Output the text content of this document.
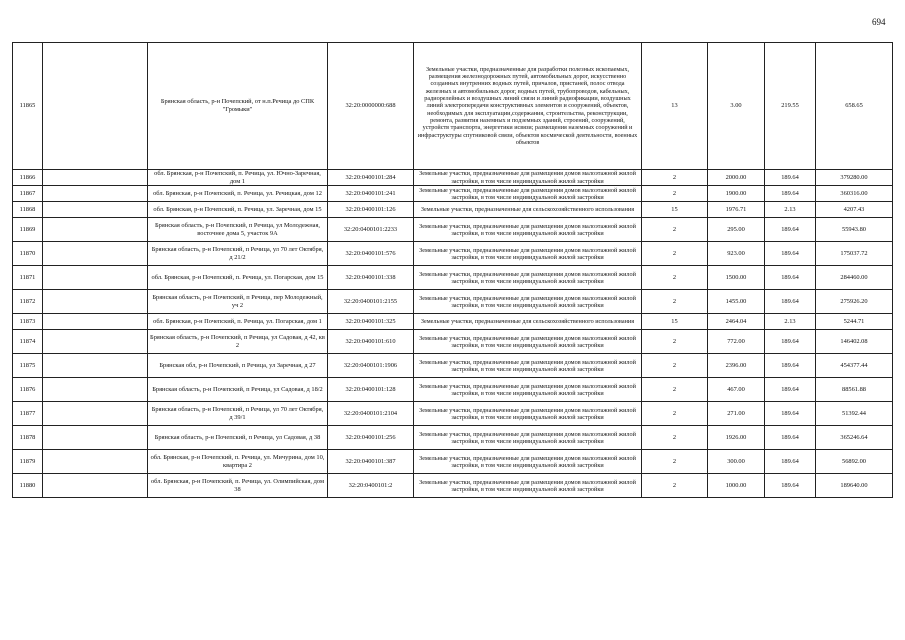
694
11865		Брянская область, р-н Почепский, от н.п.Речица до СПК "Громыки"	32:20:0000000:688	Земельные участки, предназначенные для разработки полезных ископаемых, размещения железнодорожных путей, автомобильных дорог, искусственно созданных внутренних водных путей, причалов, пристаней, полос отвода железных и автомобильных дорог, водных путей, трубопроводов, кабельных, радиорелейных и воздушных линий связи и линий радиофикации, воздушных линий электропередачи конструктивных элементов и сооружений, объектов, необходимых для эксплуатации,содержания, строительства, реконструкции, ремонта, развития наземных и подземных зданий, строений, сооружений, устройств транспорта, энергетики исвязи; размещения наземных сооружений и инфраструктуры спутниковой связи, объектов космической деятельности, военных объектов	13	3.00	219.55	658.65
11866		обл. Брянская, р-н Почепский, п. Речица, ул. Ючно-Заречная, дом 1	32:20:0400101:284	Земельные участки, предназначенные для размещения домов малоэтажной жилой застройки, в том числе индивидуальной жилой застройки	2	2000.00	189.64	379280.00
11867		обл. Брянская, р-н Почепский, п. Речица, ул. Речицкая, дом 12	32:20:0400101:241	Земельные участки, предназначенные для размещения домов малоэтажной жилой застройки, в том числе индивидуальной жилой застройки	2	1900.00	189.64	360316.00
11868		обл. Брянская, р-н Почепский, п. Речица, ул. Заречная, дом 15	32:20:0400101:126	Земельные участки, предназначенные для сельскохозяйственного использования	15	1976.71	2.13	4207.43
11869		Брянская область, р-н Почепский, п Речица, ул Молодежная, восточнее дома 5, участок 9А	32:20:0400101:2233	Земельные участки, предназначенные для размещения домов малоэтажной жилой застройки, в том числе индивидуальной жилой застройки	2	295.00	189.64	55943.80
11870		Брянская область, р-н Почепский, п Речица, ул 70 лет Октября, д 21/2	32:20:0400101:576	Земельные участки, предназначенные для размещения домов малоэтажной жилой застройки, в том числе индивидуальной жилой застройки	2	923.00	189.64	175037.72
11871		обл. Брянская, р-н Почепский, п. Речица, ул. Погарская, дом 15	32:20:0400101:338	Земельные участки, предназначенные для размещения домов малоэтажной жилой застройки, в том числе индивидуальной жилой застройки	2	1500.00	189.64	284460.00
11872		Брянская область, р-н Почепский, п Речица, пер Молодежный, уч 2	32:20:0400101:2155	Земельные участки, предназначенные для размещения домов малоэтажной жилой застройки, в том числе индивидуальной жилой застройки	2	1455.00	189.64	275926.20
11873		обл. Брянская, р-н Почепский, п. Речица, ул. Погарская, дом 1	32:20:0400101:325	Земельные участки, предназначенные для сельскохозяйственного использования	15	2464.04	2.13	5244.71
11874		Брянская область, р-н Почепский, п Речица, ул Садовая, д 42, кв 2	32:20:0400101:610	Земельные участки, предназначенные для размещения домов малоэтажной жилой застройки, в том числе индивидуальной жилой застройки	2	772.00	189.64	146402.08
11875		Брянская обл, р-н Почепский, п Речица, ул Заречная, д 27	32:20:0400101:1906	Земельные участки, предназначенные для размещения домов малоэтажной жилой застройки, в том числе индивидуальной жилой застройки	2	2396.00	189.64	454377.44
11876		Брянская область, р-н Почепский, п Речица, ул Садовая, д 18/2	32:20:0400101:128	Земельные участки, предназначенные для размещения домов малоэтажной жилой застройки, в том числе индивидуальной жилой застройки	2	467.00	189.64	88561.88
11877		Брянская область, р-н Почепский, п Речица, ул 70 лет Октября, д 39/1	32:20:0400101:2104	Земельные участки, предназначенные для размещения домов малоэтажной жилой застройки, в том числе индивидуальной жилой застройки	2	271.00	189.64	51392.44
11878		Брянская область, р-н Почепский, п Речица, ул Садовая, д 38	32:20:0400101:256	Земельные участки, предназначенные для размещения домов малоэтажной жилой застройки, в том числе индивидуальной жилой застройки	2	1926.00	189.64	365246.64
11879		обл. Брянская, р-н Почепский, п. Речица, ул. Мичурина, дом 10, квартира 2	32:20:0400101:387	Земельные участки, предназначенные для размещения домов малоэтажной жилой застройки, в том числе индивидуальной жилой застройки	2	300.00	189.64	56892.00
11880		обл. Брянская, р-н Почепский, п. Речица, ул. Олимпийская, дом 38	32:20:0400101:2	Земельные участки, предназначенные для размещения домов малоэтажной жилой застройки, в том числе индивидуальной жилой застройки	2	1000.00	189.64	189640.00
